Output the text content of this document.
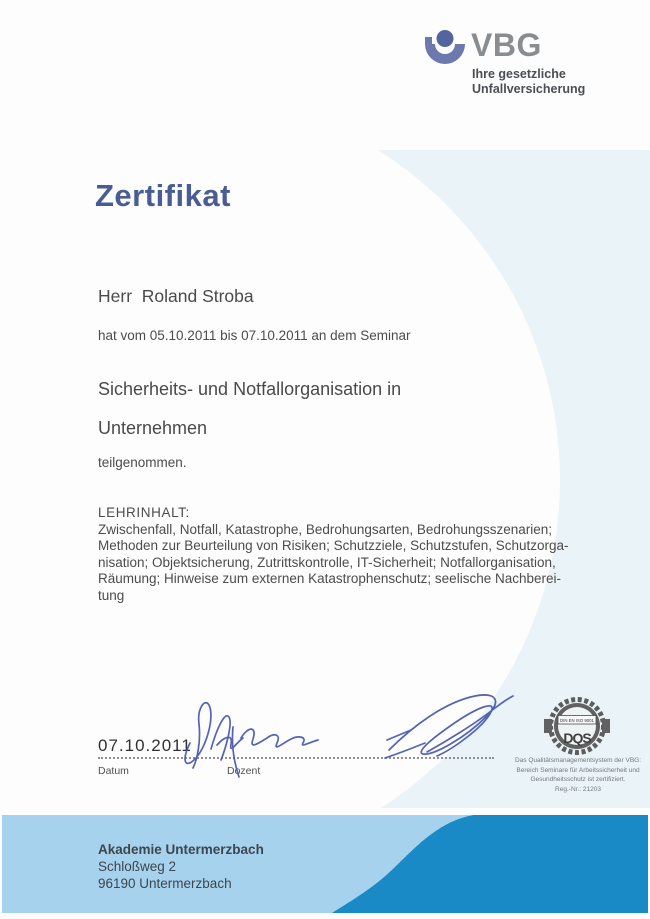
VBG
Ihre gesetzliche
Unfallversicherung
Zertifikat
Herr  Roland Stroba
hat vom 05.10.2011 bis 07.10.2011 an dem Seminar
Sicherheits- und Notfallorganisation in
Unternehmen
teilgenommen.
LEHRINHALT:
Zwischenfall, Notfall, Katastrophe, Bedrohungsarten, Bedrohungsszenarien;
Methoden zur Beurteilung von Risiken; Schutzziele, Schutzstufen, Schutzorga-
nisation; Objektsicherung, Zutrittskontrolle, IT-Sicherheit; Notfallorganisation,
Räumung; Hinweise zum externen Katastrophenschutz; seelische Nachberei-
tung
07.10.2011
Datum	Dozent
DQS
DIN EN ISO 9001
Das Qualitätsmanagementsystem der VBG:
Bereich Seminare für Arbeitssicherheit und
Gesundheitsschutz ist zertifiziert.
Reg.-Nr.: 21203
Akademie Untermerzbach
Schloßweg 2
96190 Untermerzbach
